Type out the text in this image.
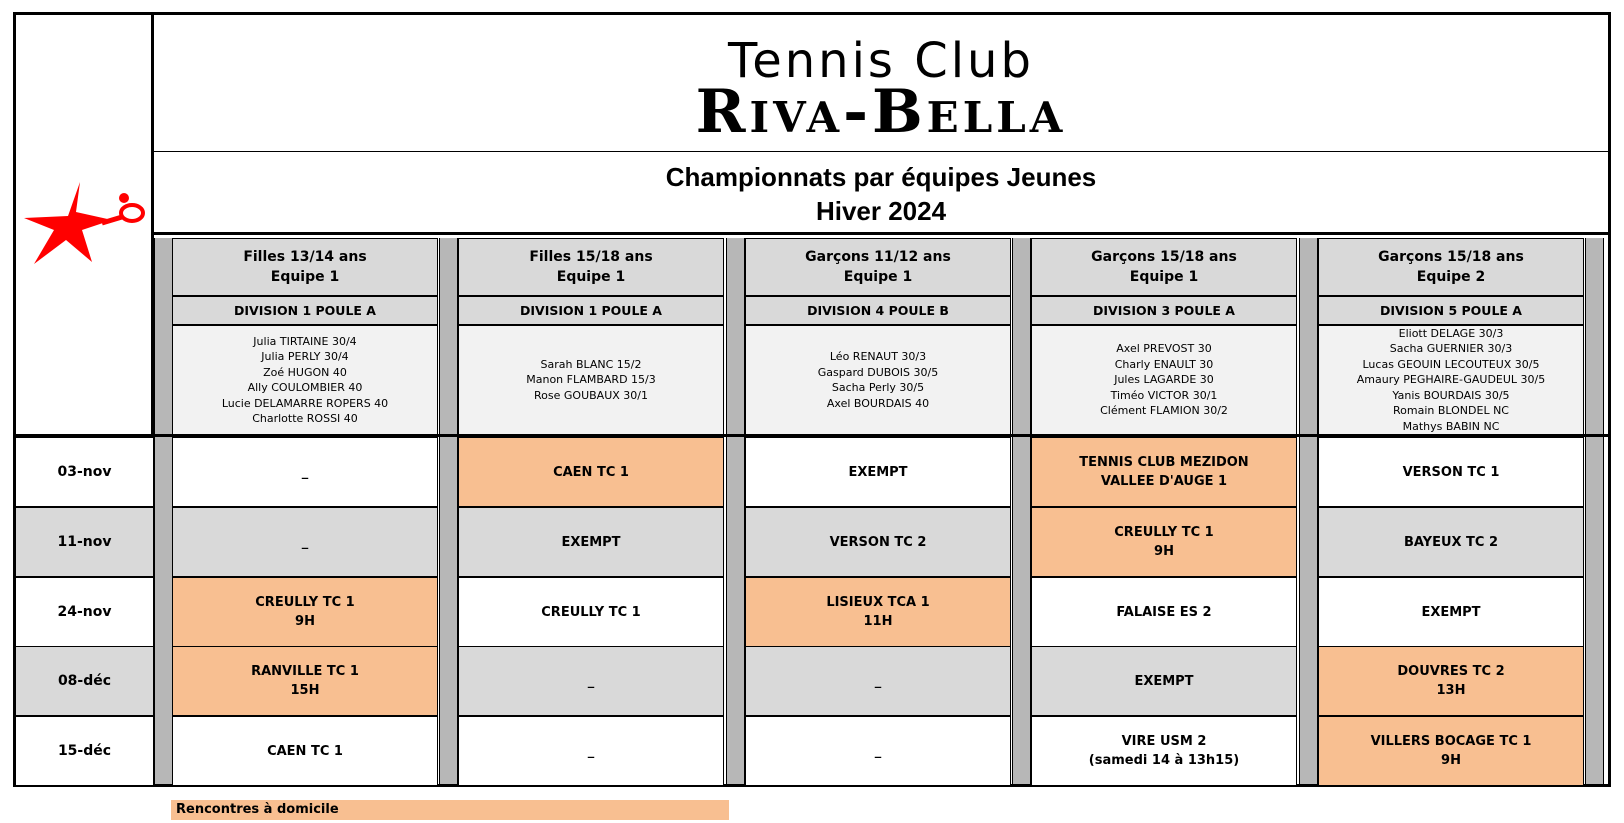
Tennis Club
Riva-Bella
Championnats par équipes Jeunes
Hiver 2024
03-nov
11-nov
24-nov
08-déc
15-déc
Filles 13/14 ans
Equipe 1
DIVISION 1 POULE A
Julia TIRTAINE 30/4
Julia PERLY 30/4
Zoé HUGON 40
Ally COULOMBIER 40
Lucie DELAMARRE ROPERS 40
Charlotte ROSSI 40
_
_
CREULLY TC 1
9H
RANVILLE TC 1
15H
CAEN TC 1
Filles 15/18 ans
Equipe 1
DIVISION 1 POULE A
Sarah BLANC 15/2
Manon FLAMBARD 15/3
Rose GOUBAUX 30/1
CAEN TC 1
EXEMPT
CREULLY TC 1
_
_
Garçons 11/12 ans
Equipe 1
DIVISION 4 POULE B
Léo RENAUT 30/3
Gaspard DUBOIS 30/5
Sacha Perly 30/5
Axel BOURDAIS 40
EXEMPT
VERSON TC 2
LISIEUX TCA 1
11H
_
_
Garçons 15/18 ans
Equipe 1
DIVISION 3 POULE A
Axel PREVOST 30
Charly ENAULT 30
Jules LAGARDE 30
Timéo VICTOR 30/1
Clément FLAMION 30/2
TENNIS CLUB MEZIDON
VALLEE D'AUGE 1
CREULLY TC 1
9H
FALAISE ES 2
EXEMPT
VIRE USM 2
(samedi 14 à 13h15)
Garçons 15/18 ans
Equipe 2
DIVISION 5 POULE A
Eliott DELAGE 30/3
Sacha GUERNIER 30/3
Lucas GEOUIN LECOUTEUX 30/5
Amaury PEGHAIRE-GAUDEUL 30/5
Yanis BOURDAIS 30/5
Romain BLONDEL NC
Mathys BABIN NC
VERSON TC 1
BAYEUX TC 2
EXEMPT
DOUVRES TC 2
13H
VILLERS BOCAGE TC 1
9H
Rencontres à domicile
